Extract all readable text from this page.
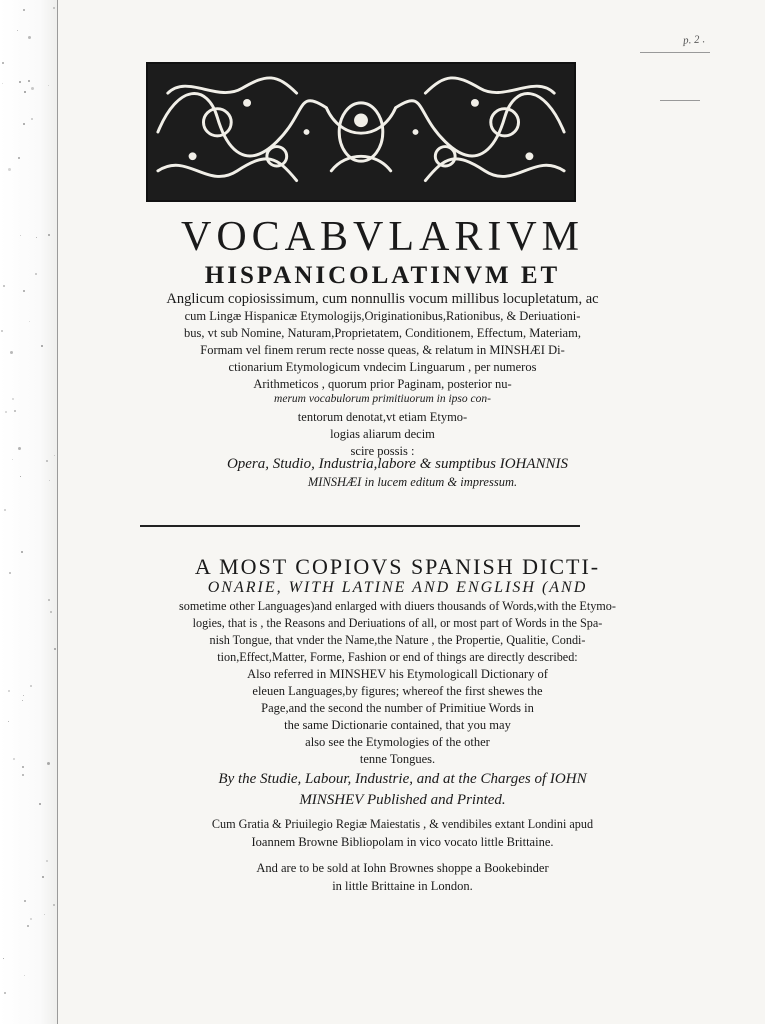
p. 2 .
VOCABVLARIVM
HISPANICOLATINVM ET
Anglicum copiosissimum, cum nonnullis vocum millibus locupletatum, ac
cum Lingæ Hispanicæ Etymologijs,Originationibus,Rationibus, & Deriuationi-
bus, vt sub Nomine, Naturam,Proprietatem, Conditionem, Effectum, Materiam,
Formam vel finem rerum recte nosse queas, & relatum in MINSHÆI Di-
ctionarium Etymologicum vndecim Linguarum , per numeros
Arithmeticos , quorum prior Paginam, posterior nu-
merum vocabulorum primitiuorum in ipso con-
tentorum denotat,vt etiam Etymo-
logias aliarum decim
scire possis :
Opera, Studio, Industria,labore & sumptibus IOHANNIS
MINSHÆI in lucem editum & impressum.
A MOST COPIOVS SPANISH DICTI-
ONARIE, WITH LATINE AND ENGLISH (AND
sometime other Languages)and enlarged with diuers thousands of Words,with the Etymo-
logies, that is , the Reasons and Deriuations of all, or most part of Words in the Spa-
nish Tongue, that vnder the Name,the Nature , the Propertie, Qualitie, Condi-
tion,Effect,Matter, Forme, Fashion or end of things are directly described:
Also referred in MINSHEV his Etymologicall Dictionary of
eleuen Languages,by figures; whereof the first shewes the
Page,and the second the number of Primitiue Words in
the same Dictionarie contained, that you may
also see the Etymologies of the other
tenne Tongues.
By the Studie, Labour, Industrie, and at the Charges of IOHN
MINSHEV Published and Printed.
Cum Gratia & Priuilegio Regiæ Maiestatis , & vendibiles extant Londini apud
Ioannem Browne Bibliopolam in vico vocato little Brittaine.
And are to be sold at Iohn Brownes shoppe a Bookebinder
in little Brittaine in London.
